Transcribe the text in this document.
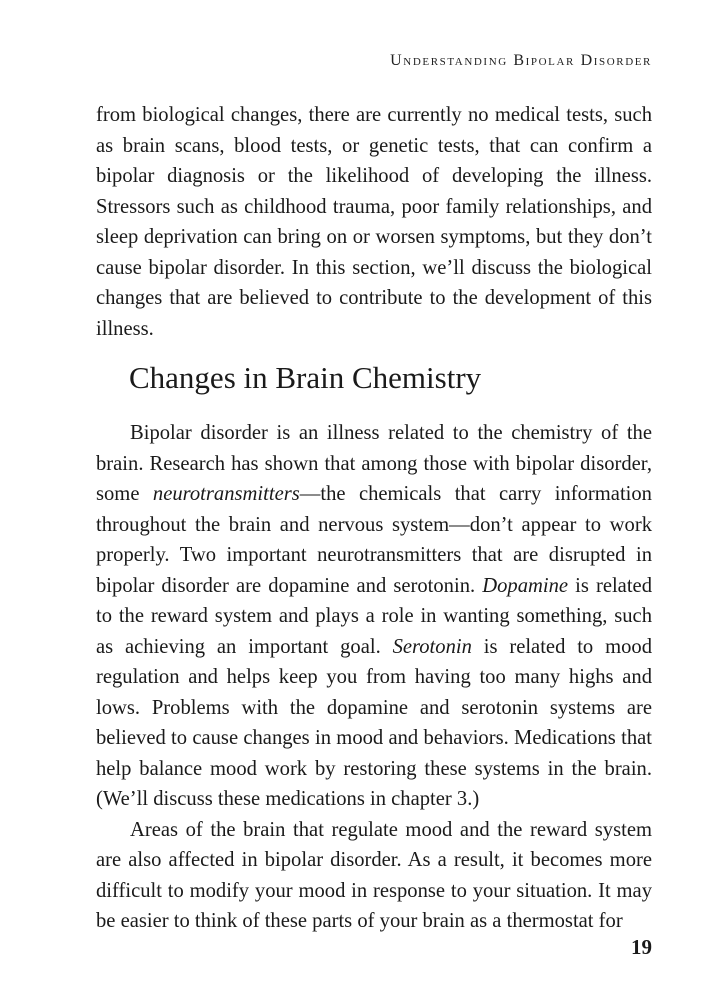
Understanding Bipolar Disorder

from biological changes, there are currently no medical tests, such as brain scans, blood tests, or genetic tests, that can confirm a bipolar diagnosis or the likelihood of developing the illness. Stressors such as childhood trauma, poor family relationships, and sleep deprivation can bring on or worsen symptoms, but they don’t cause bipolar disorder. In this section, we’ll discuss the biological changes that are believed to contribute to the development of this illness.

Changes in Brain Chemistry

Bipolar disorder is an illness related to the chemistry of the brain. Research has shown that among those with bipolar disorder, some neurotransmitters—the chemicals that carry information throughout the brain and nervous system—don’t appear to work properly. Two important neurotransmitters that are disrupted in bipolar disorder are dopamine and serotonin. Dopamine is related to the reward system and plays a role in wanting something, such as achieving an important goal. Serotonin is related to mood regulation and helps keep you from having too many highs and lows. Problems with the dopamine and serotonin systems are believed to cause changes in mood and behaviors. Medications that help balance mood work by restoring these systems in the brain. (We’ll discuss these medications in chapter 3.)

Areas of the brain that regulate mood and the reward system are also affected in bipolar disorder. As a result, it becomes more difficult to modify your mood in response to your situation. It may be easier to think of these parts of your brain as a thermostat for

19
